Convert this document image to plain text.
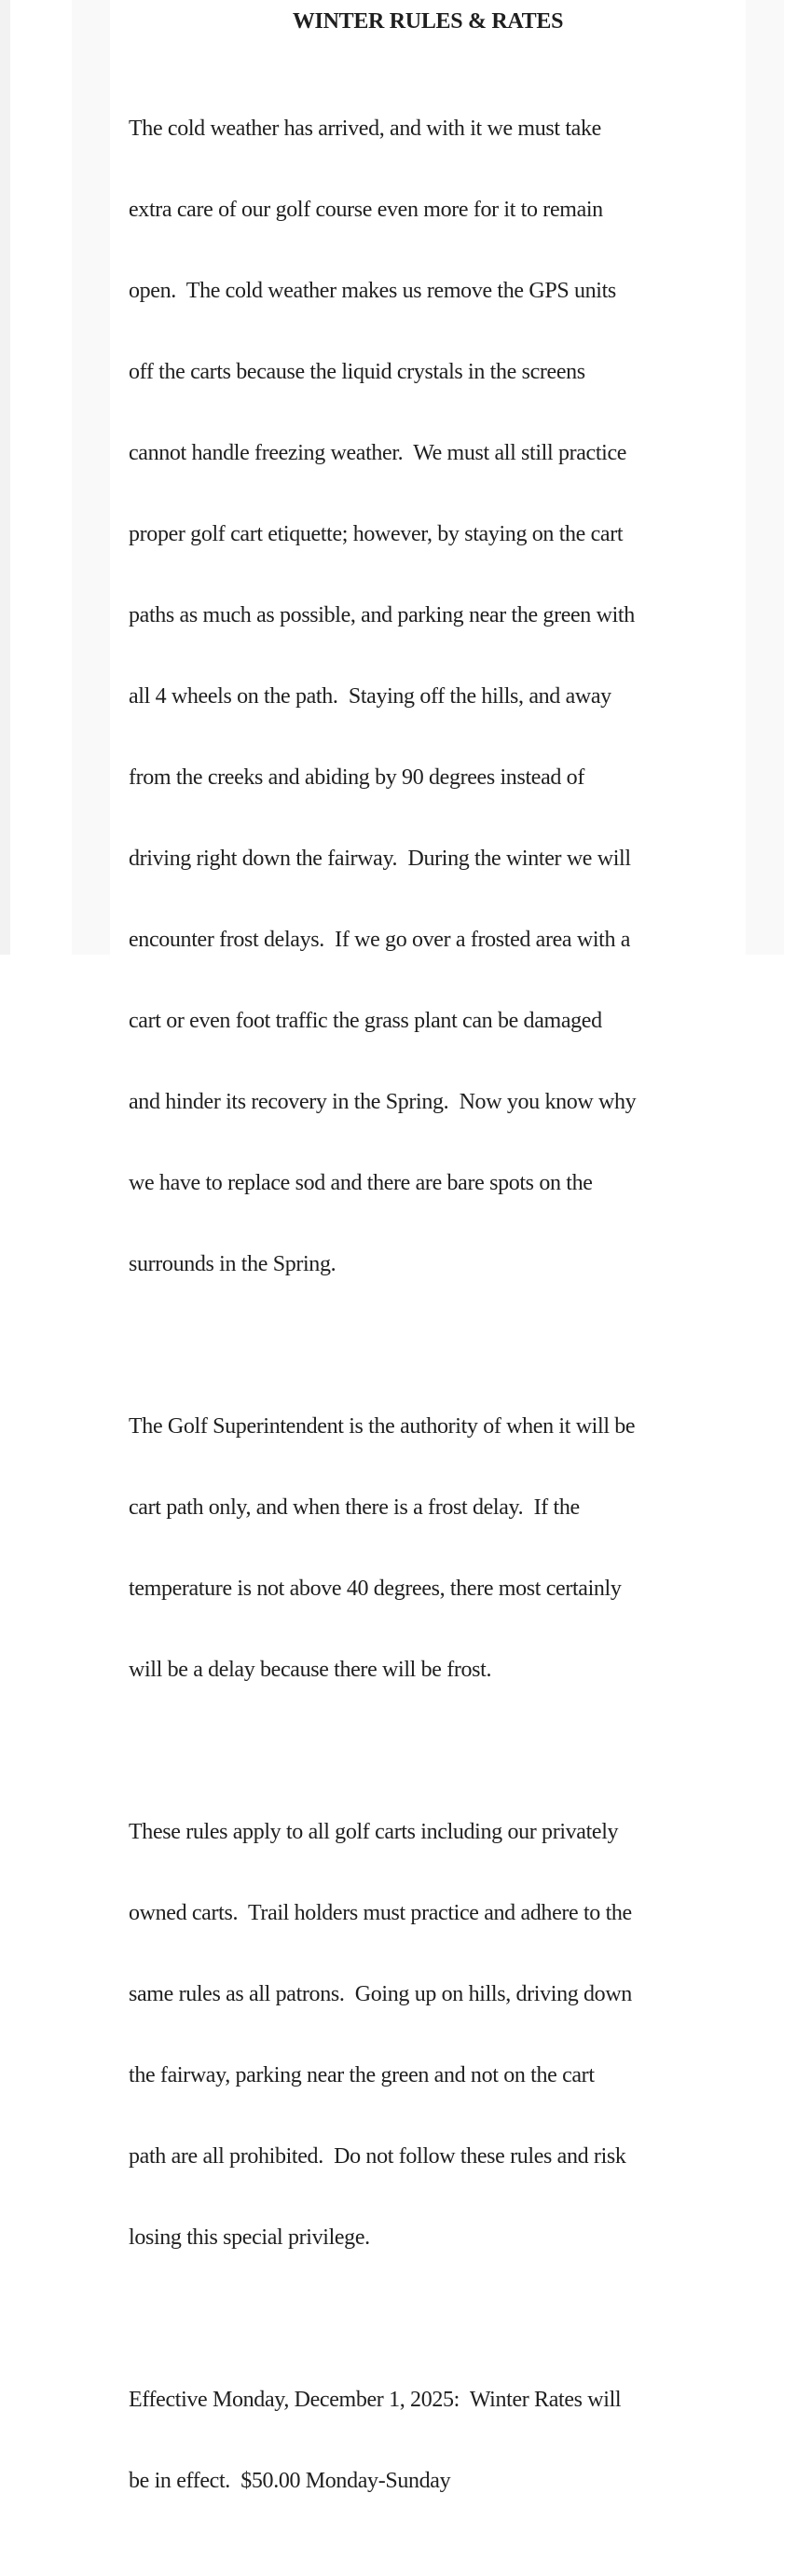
WINTER RULES & RATES

The cold weather has arrived, and with it we must take

extra care of our golf course even more for it to remain

open.  The cold weather makes us remove the GPS units

off the carts because the liquid crystals in the screens

cannot handle freezing weather.  We must all still practice

proper golf cart etiquette; however, by staying on the cart

paths as much as possible, and parking near the green with

all 4 wheels on the path.  Staying off the hills, and away

from the creeks and abiding by 90 degrees instead of

driving right down the fairway.  During the winter we will

encounter frost delays.  If we go over a frosted area with a

cart or even foot traffic the grass plant can be damaged

and hinder its recovery in the Spring.  Now you know why

we have to replace sod and there are bare spots on the

surrounds in the Spring.

The Golf Superintendent is the authority of when it will be

cart path only, and when there is a frost delay.  If the

temperature is not above 40 degrees, there most certainly

will be a delay because there will be frost.

These rules apply to all golf carts including our privately

owned carts.  Trail holders must practice and adhere to the

same rules as all patrons.  Going up on hills, driving down

the fairway, parking near the green and not on the cart

path are all prohibited.  Do not follow these rules and risk

losing this special privilege.

Effective Monday, December 1, 2025:  Winter Rates will

be in effect.  $50.00 Monday-Sunday
